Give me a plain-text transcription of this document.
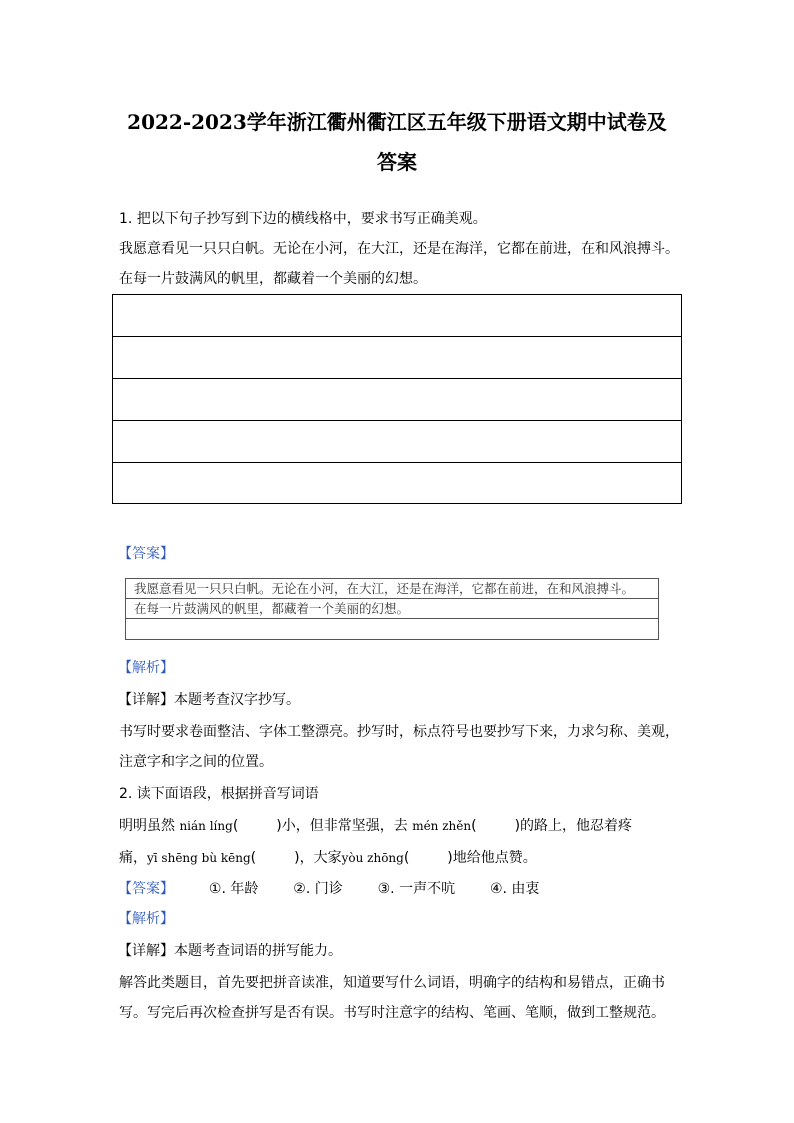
2022-2023学年浙江衢州衢江区五年级下册语文期中试卷及
答案
1. 把以下句子抄写到下边的横线格中，要求书写正确美观。
我愿意看见一只只白帆。无论在小河，在大江，还是在海洋，它都在前进，在和风浪搏斗。
在每一片鼓满风的帆里，都藏着一个美丽的幻想。
【答案】
我愿意看见一只只白帆。无论在小河，在大江，还是在海洋，它都在前进，在和风浪搏斗。
在每一片鼓满风的帆里，都藏着一个美丽的幻想。
【解析】
【详解】本题考查汉字抄写。
书写时要求卷面整洁、字体工整漂亮。抄写时，标点符号也要抄写下来，力求匀称、美观，
注意字和字之间的位置。
2. 读下面语段，根据拼音写词语
明明虽然 nián líng(	)小，但非常坚强，去 mén zhěn(	)的路上，他忍着疼
痛，yī shēng bù kēng(	)，大家yòu zhōng(	)地给他点赞。
【答案】 ①. 年龄 ②. 门诊 ③. 一声不吭 ④. 由衷
【解析】
【详解】本题考查词语的拼写能力。
解答此类题目，首先要把拼音读准，知道要写什么词语，明确字的结构和易错点，正确书
写。写完后再次检查拼写是否有误。书写时注意字的结构、笔画、笔顺，做到工整规范。
